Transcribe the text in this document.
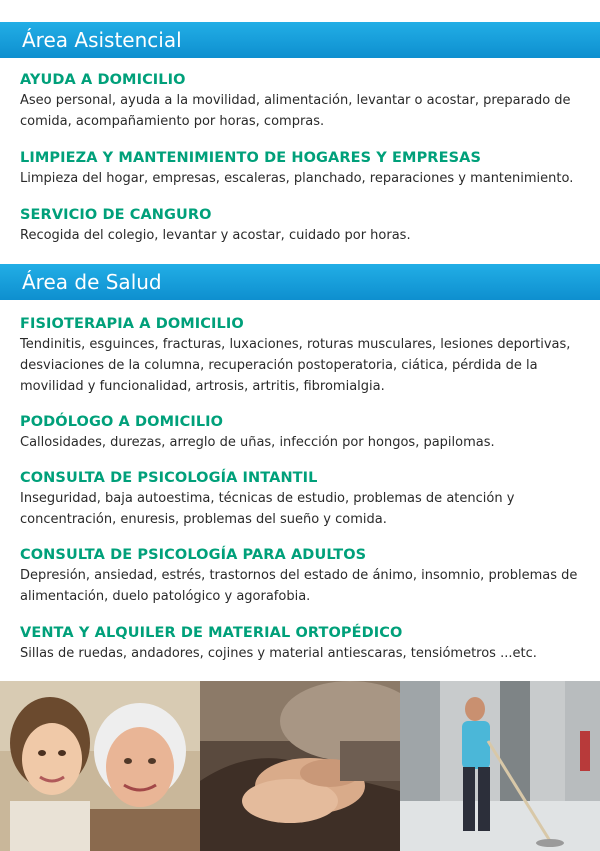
Área Asistencial

AYUDA A DOMICILIO

Aseo personal, ayuda a la movilidad, alimentación, levantar o acostar, preparado de comida, acompañamiento por horas, compras.

LIMPIEZA Y MANTENIMIENTO DE HOGARES Y EMPRESAS

Limpieza del hogar, empresas, escaleras, planchado, reparaciones y mantenimiento.

SERVICIO DE CANGURO

Recogida del colegio, levantar y acostar, cuidado por horas.

Área de Salud

FISIOTERAPIA A DOMICILIO

Tendinitis, esguinces, fracturas, luxaciones, roturas musculares, lesiones deportivas, desviaciones de la columna, recuperación postoperatoria, ciática, pérdida de la movilidad y funcionalidad, artrosis, artritis, fibromialgia.

PODÓLOGO A DOMICILIO

Callosidades, durezas, arreglo de uñas, infección por hongos, papilomas.

CONSULTA DE PSICOLOGÍA INTANTIL

Inseguridad, baja autoestima, técnicas de estudio, problemas de atención y concentración, enuresis, problemas del sueño y comida.

CONSULTA DE PSICOLOGÍA PARA ADULTOS

Depresión, ansiedad, estrés, trastornos del estado de ánimo, insomnio, problemas de alimentación, duelo patológico y agorafobia.

VENTA Y ALQUILER DE MATERIAL ORTOPÉDICO

Sillas de ruedas, andadores, cojines y material antiescaras, tensiómetros ...etc.
